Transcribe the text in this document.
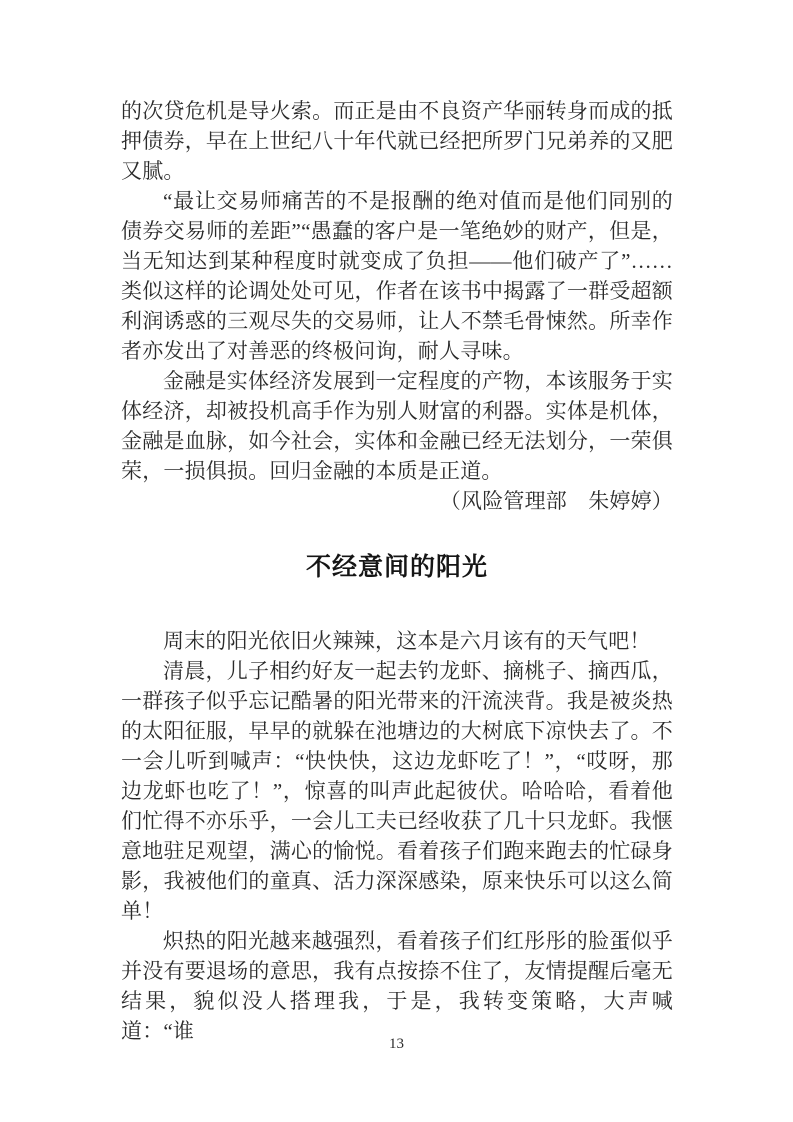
的次贷危机是导火索。而正是由不良资产华丽转身而成的抵押债券，早在上世纪八十年代就已经把所罗门兄弟养的又肥又腻。

“最让交易师痛苦的不是报酬的绝对值而是他们同别的债券交易师的差距”“愚蠢的客户是一笔绝妙的财产，但是，当无知达到某种程度时就变成了负担——他们破产了”……类似这样的论调处处可见，作者在该书中揭露了一群受超额利润诱惑的三观尽失的交易师，让人不禁毛骨悚然。所幸作者亦发出了对善恶的终极问询，耐人寻味。

金融是实体经济发展到一定程度的产物，本该服务于实体经济，却被投机高手作为别人财富的利器。实体是机体，金融是血脉，如今社会，实体和金融已经无法划分，一荣俱荣，一损俱损。回归金融的本质是正道。

（风险管理部　朱婷婷）

不经意间的阳光

周末的阳光依旧火辣辣，这本是六月该有的天气吧！

清晨，儿子相约好友一起去钓龙虾、摘桃子、摘西瓜，一群孩子似乎忘记酷暑的阳光带来的汗流浃背。我是被炎热的太阳征服，早早的就躲在池塘边的大树底下凉快去了。不一会儿听到喊声：“快快快，这边龙虾吃了！”，“哎呀，那边龙虾也吃了！”，惊喜的叫声此起彼伏。哈哈哈，看着他们忙得不亦乐乎，一会儿工夫已经收获了几十只龙虾。我惬意地驻足观望，满心的愉悦。看着孩子们跑来跑去的忙碌身影，我被他们的童真、活力深深感染，原来快乐可以这么简单！

炽热的阳光越来越强烈，看着孩子们红彤彤的脸蛋似乎并没有要退场的意思，我有点按捺不住了，友情提醒后毫无结果，貌似没人搭理我，于是，我转变策略，大声喊道：“谁

13
